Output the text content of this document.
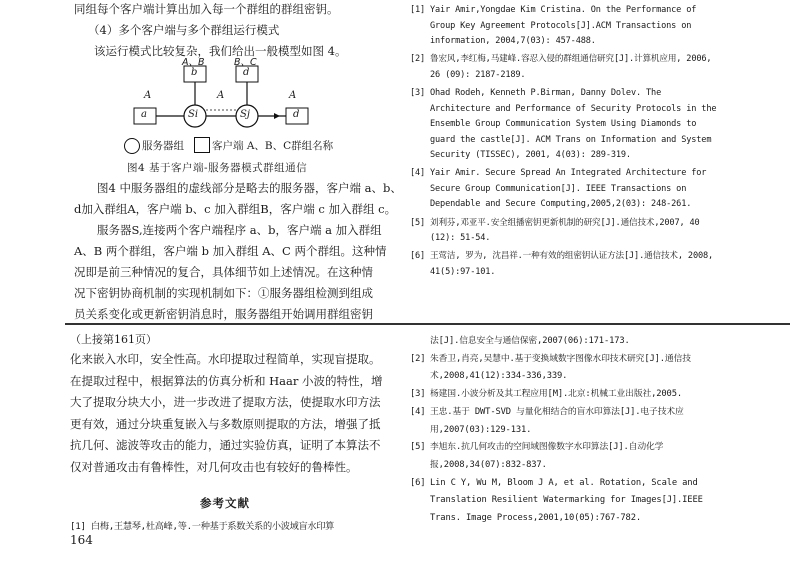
同组每个客户端计算出加入每一个群组的群组密钥。

（4）多个客户端与多个群组运行模式

该运行模式比较复杂，我们给出一般模型如图 4。

A、B	B、C
b	d
a	d
Si	Sj
A	A	A
服务器组	客户端 A、B、C群组名称
图4 基于客户端-服务器模式群组通信

图4 中服务器组的虚线部分是略去的服务器，客户端 a、b、

d加入群组A，客户端 b、c 加入群组B，客户端 c 加入群组 c。

服务器S,连接两个客户端程序 a、b，客户端 a 加入群组

A、B 两个群组，客户端 b 加入群组 A、C 两个群组。这种情

况即是前三种情况的复合，具体细节如上述情况。在这种情

况下密钥协商机制的实现机制如下：①服务器组检测到组成

员关系变化或更新密钥消息时，服务器组开始调用群组密钥

[1] Yair Amir,Yongdae Kim Cristina. On the Performance of Group Key Agreement Protocols[J].ACM Transactions on information, 2004,7(03): 457-488.
[2] 鲁宏风,李红梅,马建峰.容忍入侵的群组通信研究[J].计算机应用, 2006, 26 (09): 2187-2189.
[3] Ohad Rodeh, Kenneth P.Birman, Danny Dolev. The Architecture and Performance of Security Protocols in the Ensemble Group Communication System Using Diamonds to guard the castle[J]. ACM Trans on Information and System Security (TISSEC), 2001, 4(03): 289-319.
[4] Yair Amir. Secure Spread An Integrated Architecture for Secure Group Communication[J]. IEEE Transactions on Dependable and Secure Computing,2005,2(03): 248-261.
[5] 刘利芬,邓亚平.安全组播密钥更新机制的研究[J].通信技术,2007, 40 (12): 51-54.
[6] 王莺洁, 罗为, 沈昌祥.一种有效的组密钥认证方法[J].通信技术, 2008, 41(5):97-101.

（上接第161页）

化来嵌入水印，安全性高。水印提取过程简单，实现盲提取。

在提取过程中，根据算法的仿真分析和 Haar 小波的特性，增

大了提取分块大小，进一步改进了提取方法，使提取水印方法

更有效，通过分块重复嵌入与多数原则提取的方法，增强了抵

抗几何、滤波等攻击的能力，通过实验仿真，证明了本算法不

仅对普通攻击有鲁棒性，对几何攻击也有较好的鲁棒性。

参考文献
[1] 白梅,王慧琴,杜高峰,等.一种基于系数关系的小波域盲水印算
164
法[J].信息安全与通信保密,2007(06):171-173.
[2] 朱香卫,肖亮,吴慧中.基于变换域数字图像水印技术研究[J].通信技术,2008,41(12):334-336,339.
[3] 杨建国.小波分析及其工程应用[M].北京:机械工业出版社,2005.
[4] 王忠.基于 DWT-SVD 与量化相结合的盲水印算法[J].电子技术应用,2007(03):129-131.
[5] 李旭东.抗几何攻击的空间域图像数字水印算法[J].自动化学报,2008,34(07):832-837.
[6] Lin C Y, Wu M, Bloom J A, et al. Rotation, Scale and Translation Resilient Watermarking for Images[J].IEEE Trans. Image Process,2001,10(05):767-782.
